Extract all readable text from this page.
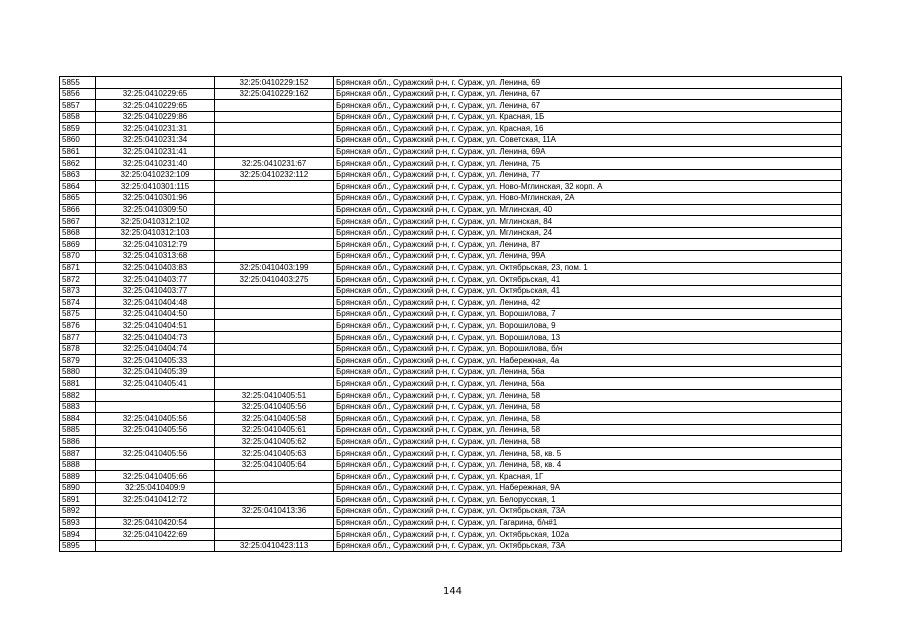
5855		32:25:0410229:152	Брянская обл., Суражский р-н, г. Сураж, ул. Ленина, 69
5856	32:25:0410229:65	32:25:0410229:162	Брянская обл., Суражский р-н, г. Сураж, ул. Ленина, 67
5857	32:25:0410229:65		Брянская обл., Суражский р-н, г. Сураж, ул. Ленина, 67
5858	32:25:0410229:86		Брянская обл., Суражский р-н, г. Сураж, ул. Красная, 1Б
5859	32:25:0410231:31		Брянская обл., Суражский р-н, г. Сураж, ул. Красная, 16
5860	32:25:0410231:34		Брянская обл., Суражский р-н, г. Сураж, ул. Советская, 11А
5861	32:25:0410231:41		Брянская обл., Суражский р-н, г. Сураж, ул. Ленина, 69А
5862	32:25:0410231:40	32:25:0410231:67	Брянская обл., Суражский р-н, г. Сураж, ул. Ленина, 75
5863	32:25:0410232:109	32:25:0410232:112	Брянская обл., Суражский р-н, г. Сураж, ул. Ленина, 77
5864	32:25:0410301:115		Брянская обл., Суражский р-н, г. Сураж, ул. Ново-Мглинская, 32 корп. А
5865	32:25:0410301:96		Брянская обл., Суражский р-н, г. Сураж, ул. Ново-Мглинская, 2А
5866	32:25:0410309:50		Брянская обл., Суражский р-н, г. Сураж, ул. Мглинская, 40
5867	32:25:0410312:102		Брянская обл., Суражский р-н, г. Сураж, ул. Мглинская, 84
5868	32:25:0410312:103		Брянская обл., Суражский р-н, г. Сураж, ул. Мглинская, 24
5869	32:25:0410312:79		Брянская обл., Суражский р-н, г. Сураж, ул. Ленина, 87
5870	32:25:0410313:68		Брянская обл., Суражский р-н, г. Сураж, ул. Ленина, 99А
5871	32:25:0410403:83	32:25:0410403:199	Брянская обл., Суражский р-н, г. Сураж, ул. Октябрьская, 23, пом. 1
5872	32:25:0410403:77	32:25:0410403:275	Брянская обл., Суражский р-н, г. Сураж, ул. Октябрьская, 41
5873	32:25:0410403:77		Брянская обл., Суражский р-н, г. Сураж, ул. Октябрьская, 41
5874	32:25:0410404:48		Брянская обл., Суражский р-н, г. Сураж, ул. Ленина, 42
5875	32:25:0410404:50		Брянская обл., Суражский р-н, г. Сураж, ул. Ворошилова, 7
5876	32:25:0410404:51		Брянская обл., Суражский р-н, г. Сураж, ул. Ворошилова, 9
5877	32:25:0410404:73		Брянская обл., Суражский р-н, г. Сураж, ул. Ворошилова, 13
5878	32:25:0410404:74		Брянская обл., Суражский р-н, г. Сураж, ул. Ворошилова, б/н
5879	32:25:0410405:33		Брянская обл., Суражский р-н, г. Сураж, ул. Набережная, 4а
5880	32:25:0410405:39		Брянская обл., Суражский р-н, г. Сураж, ул. Ленина, 56а
5881	32:25:0410405:41		Брянская обл., Суражский р-н, г. Сураж, ул. Ленина, 56а
5882		32:25:0410405:51	Брянская обл., Суражский р-н, г. Сураж, ул. Ленина, 58
5883		32:25:0410405:56	Брянская обл., Суражский р-н, г. Сураж, ул. Ленина, 58
5884	32:25:0410405:56	32:25:0410405:58	Брянская обл., Суражский р-н, г. Сураж, ул. Ленина, 58
5885	32:25:0410405:56	32:25:0410405:61	Брянская обл., Суражский р-н, г. Сураж, ул. Ленина, 58
5886		32:25:0410405:62	Брянская обл., Суражский р-н, г. Сураж, ул. Ленина, 58
5887	32:25:0410405:56	32:25:0410405:63	Брянская обл., Суражский р-н, г. Сураж, ул. Ленина, 58, кв. 5
5888		32:25:0410405:64	Брянская обл., Суражский р-н, г. Сураж, ул. Ленина, 58, кв. 4
5889	32:25:0410405:66		Брянская обл., Суражский р-н, г. Сураж, ул. Красная, 1Г
5890	32:25:0410409:9		Брянская обл., Суражский р-н, г. Сураж, ул. Набережная, 9А
5891	32:25:0410412:72		Брянская обл., Суражский р-н, г. Сураж, ул. Белорусская, 1
5892		32:25:0410413:36	Брянская обл., Суражский р-н, г. Сураж, ул. Октябрьская, 73А
5893	32:25:0410420:54		Брянская обл., Суражский р-н, г. Сураж, ул. Гагарина, б/н#1
5894	32:25:0410422:69		Брянская обл., Суражский р-н, г. Сураж, ул. Октябрьская, 102а
5895		32:25:0410423:113	Брянская обл., Суражский р-н, г. Сураж, ул. Октябрьская, 73А
144
